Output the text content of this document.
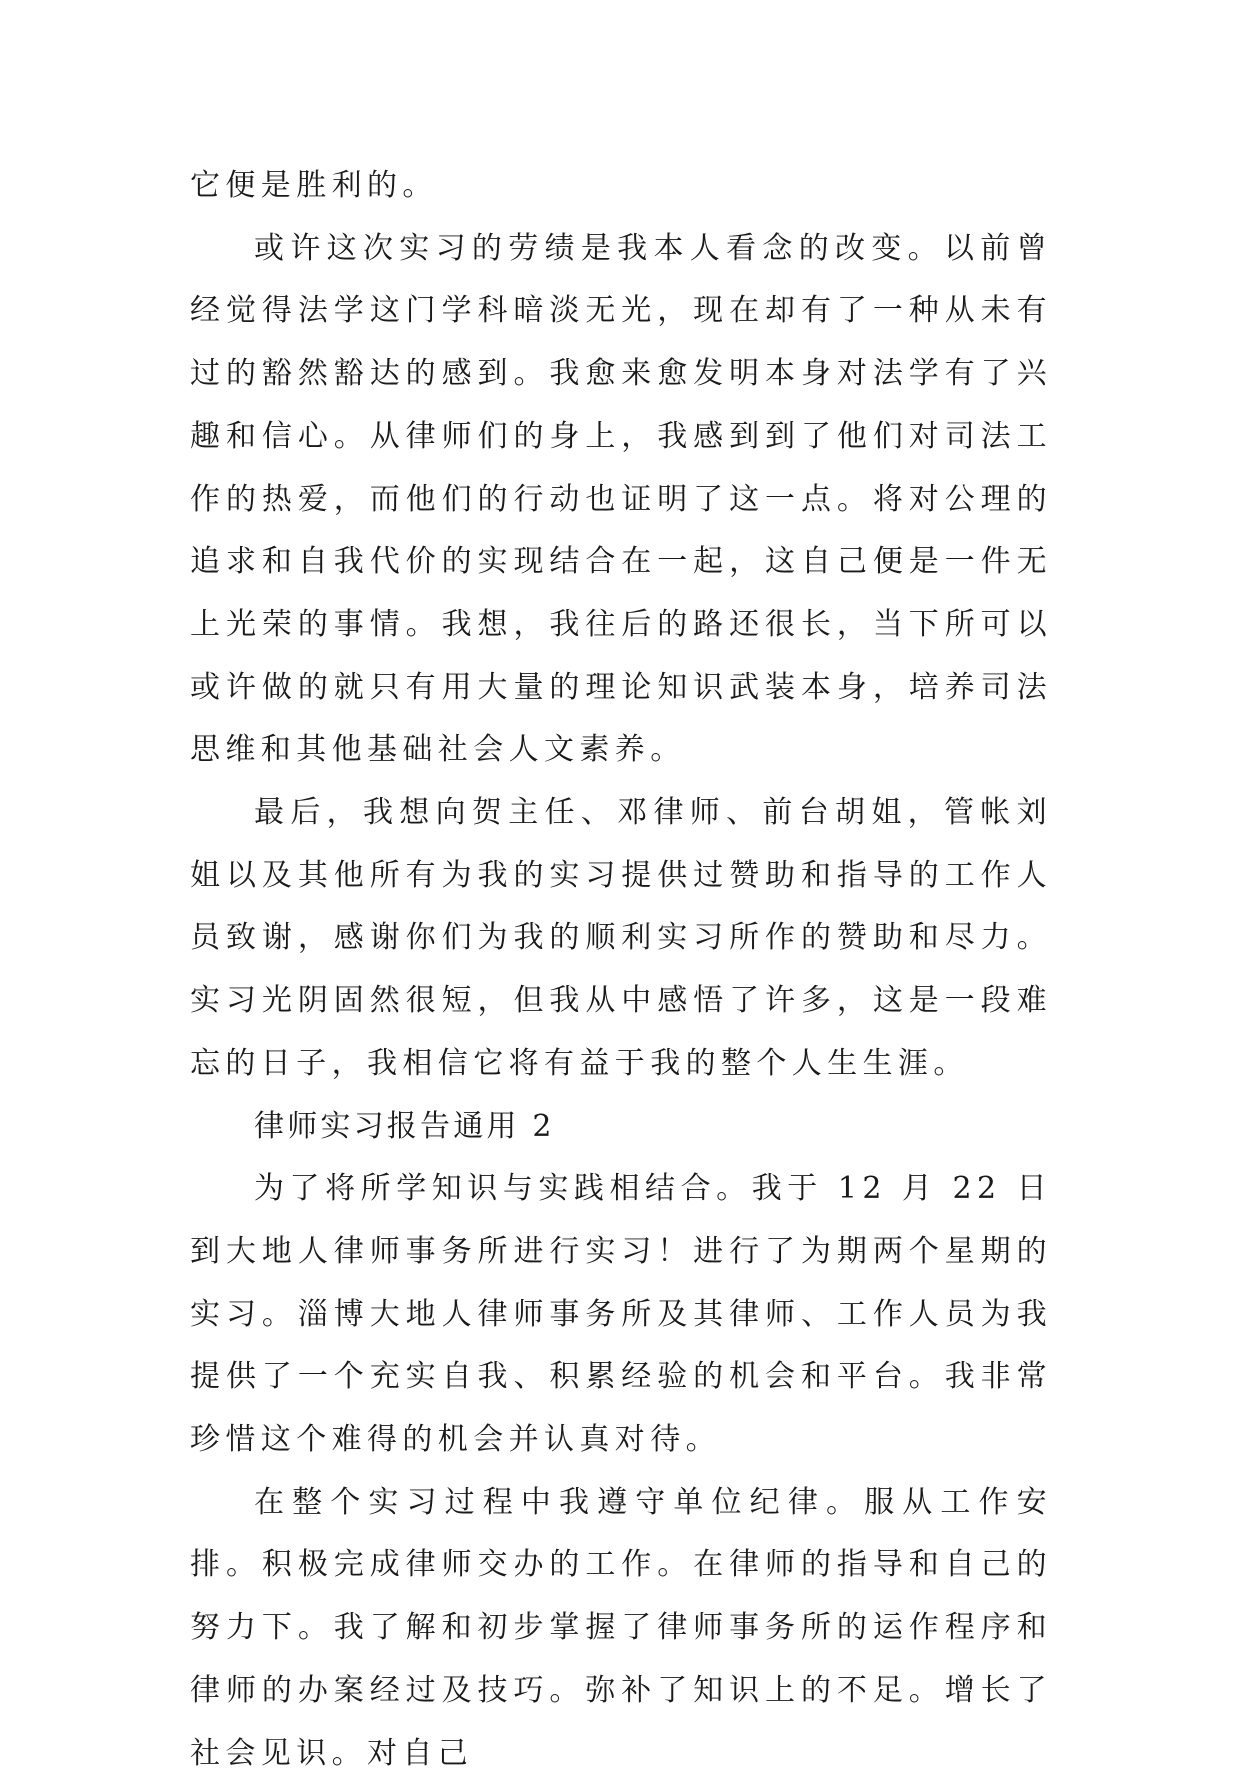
它便是胜利的。

或许这次实习的劳绩是我本人看念的改变。以前曾经觉得法学这门学科暗淡无光，现在却有了一种从未有过的豁然豁达的感到。我愈来愈发明本身对法学有了兴趣和信心。从律师们的身上，我感到到了他们对司法工作的热爱，而他们的行动也证明了这一点。将对公理的追求和自我代价的实现结合在一起，这自己便是一件无上光荣的事情。我想，我往后的路还很长，当下所可以或许做的就只有用大量的理论知识武装本身，培养司法思维和其他基础社会人文素养。

最后，我想向贺主任、邓律师、前台胡姐，管帐刘姐以及其他所有为我的实习提供过赞助和指导的工作人员致谢，感谢你们为我的顺利实习所作的赞助和尽力。实习光阴固然很短，但我从中感悟了许多，这是一段难忘的日子，我相信它将有益于我的整个人生生涯。

律师实习报告通用 2

为了将所学知识与实践相结合。我于 12 月 22 日到大地人律师事务所进行实习！进行了为期两个星期的实习。淄博大地人律师事务所及其律师、工作人员为我提供了一个充实自我、积累经验的机会和平台。我非常珍惜这个难得的机会并认真对待。

在整个实习过程中我遵守单位纪律。服从工作安排。积极完成律师交办的工作。在律师的指导和自己的努力下。我了解和初步掌握了律师事务所的运作程序和律师的办案经过及技巧。弥补了知识上的不足。增长了社会见识。对自己
